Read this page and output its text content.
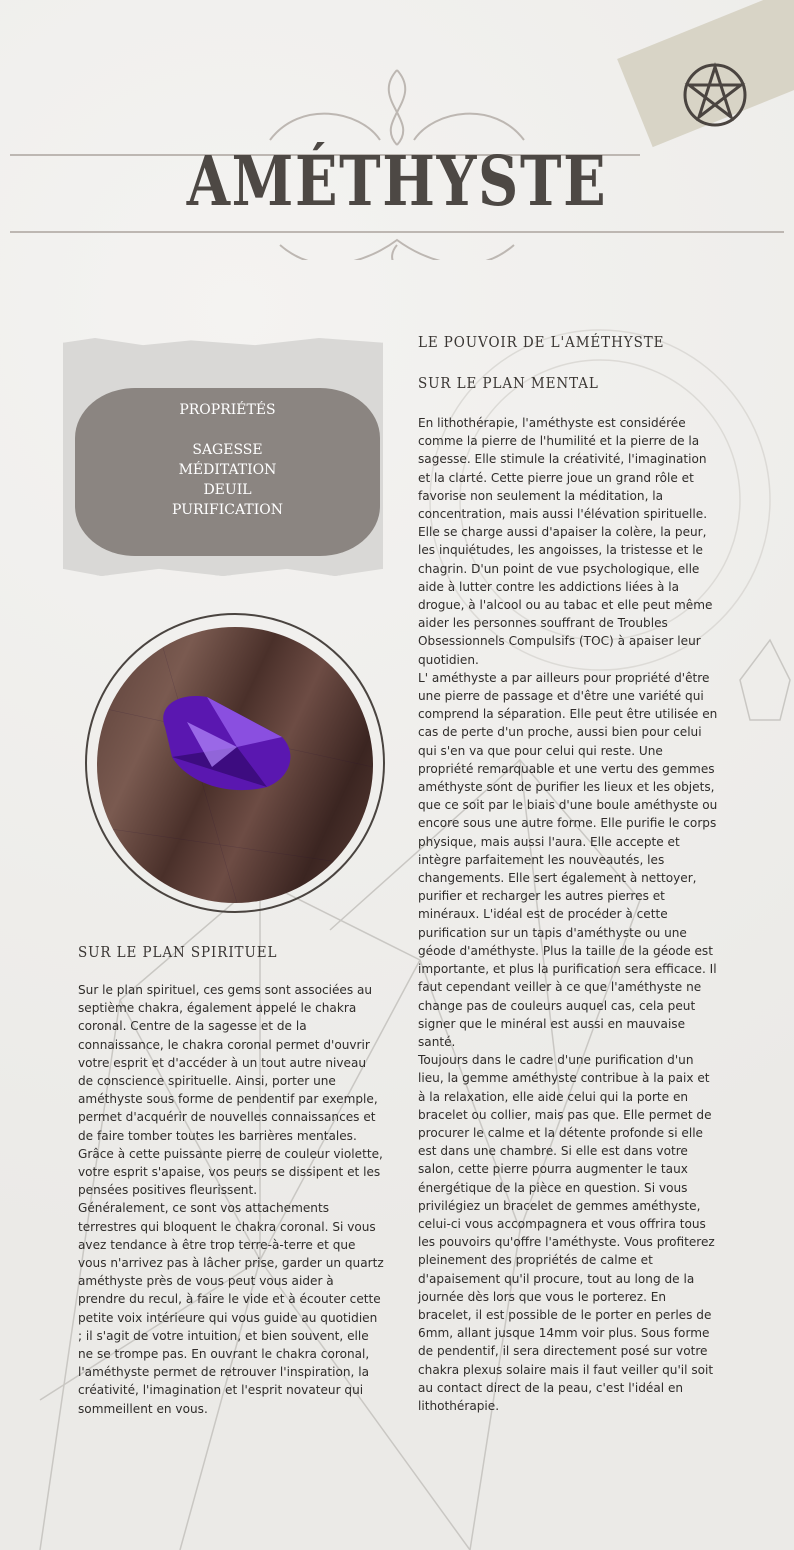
AMÉTHYSTE
LE POUVOIR DE L'AMÉTHYSTE
SUR LE PLAN MENTAL

En lithothérapie, l'améthyste est considérée comme la pierre de l'humilité et la pierre de la sagesse. Elle stimule la créativité, l'imagination et la clarté. Cette pierre joue un grand rôle et favorise non seulement la méditation, la concentration, mais aussi l'élévation spirituelle. Elle se charge aussi d'apaiser la colère, la peur, les inquiétudes, les angoisses, la tristesse et le chagrin. D'un point de vue psychologique, elle aide à lutter contre les addictions liées à la drogue, à l'alcool ou au tabac et elle peut même aider les personnes souffrant de Troubles Obsessionnels Compulsifs (TOC) à apaiser leur quotidien.

L' améthyste a par ailleurs pour propriété d'être une pierre de passage et d'être une variété qui comprend la séparation. Elle peut être utilisée en cas de perte d'un proche, aussi bien pour celui qui s'en va que pour celui qui reste. Une propriété remarquable et une vertu des gemmes améthyste sont de purifier les lieux et les objets, que ce soit par le biais d'une boule améthyste ou encore sous une autre forme. Elle purifie le corps physique, mais aussi l'aura. Elle accepte et intègre parfaitement les nouveautés, les changements. Elle sert également à nettoyer, purifier et recharger les autres pierres et minéraux. L'idéal est de procéder à cette purification sur un tapis d'améthyste ou une géode d'améthyste. Plus la taille de la géode est importante, et plus la purification sera efficace. Il faut cependant veiller à ce que l'améthyste ne change pas de couleurs auquel cas, cela peut signer que le minéral est aussi en mauvaise santé.

Toujours dans le cadre d'une purification d'un lieu, la gemme améthyste contribue à la paix et à la relaxation, elle aide celui qui la porte en bracelet ou collier, mais pas que. Elle permet de procurer le calme et la détente profonde si elle est dans une chambre. Si elle est dans votre salon, cette pierre pourra augmenter le taux énergétique de la pièce en question. Si vous privilégiez un bracelet de gemmes améthyste, celui-ci vous accompagnera et vous offrira tous les pouvoirs qu'offre l'améthyste. Vous profiterez pleinement des propriétés de calme et d'apaisement qu'il procure, tout au long de la journée dès lors que vous le porterez. En bracelet, il est possible de le porter en perles de 6mm, allant jusque 14mm voir plus. Sous forme de pendentif, il sera directement posé sur votre chakra plexus solaire mais il faut veiller qu'il soit au contact direct de la peau, c'est l'idéal en lithothérapie.

PROPRIÉTÉS
SAGESSE
MÉDITATION
DEUIL
PURIFICATION
SUR LE PLAN SPIRITUEL

Sur le plan spirituel, ces gems sont associées au septième chakra, également appelé le chakra coronal. Centre de la sagesse et de la connaissance, le chakra coronal permet d'ouvrir votre esprit et d'accéder à un tout autre niveau de conscience spirituelle. Ainsi, porter une améthyste sous forme de pendentif par exemple, permet d'acquérir de nouvelles connaissances et de faire tomber toutes les barrières mentales. Grâce à cette puissante pierre de couleur violette, votre esprit s'apaise, vos peurs se dissipent et les pensées positives fleurissent.

Généralement, ce sont vos attachements terrestres qui bloquent le chakra coronal. Si vous avez tendance à être trop terre-à-terre et que vous n'arrivez pas à lâcher prise, garder un quartz améthyste près de vous peut vous aider à prendre du recul, à faire le vide et à écouter cette petite voix intérieure qui vous guide au quotidien ; il s'agit de votre intuition, et bien souvent, elle ne se trompe pas. En ouvrant le chakra coronal, l'améthyste permet de retrouver l'inspiration, la créativité, l'imagination et l'esprit novateur qui sommeillent en vous.
